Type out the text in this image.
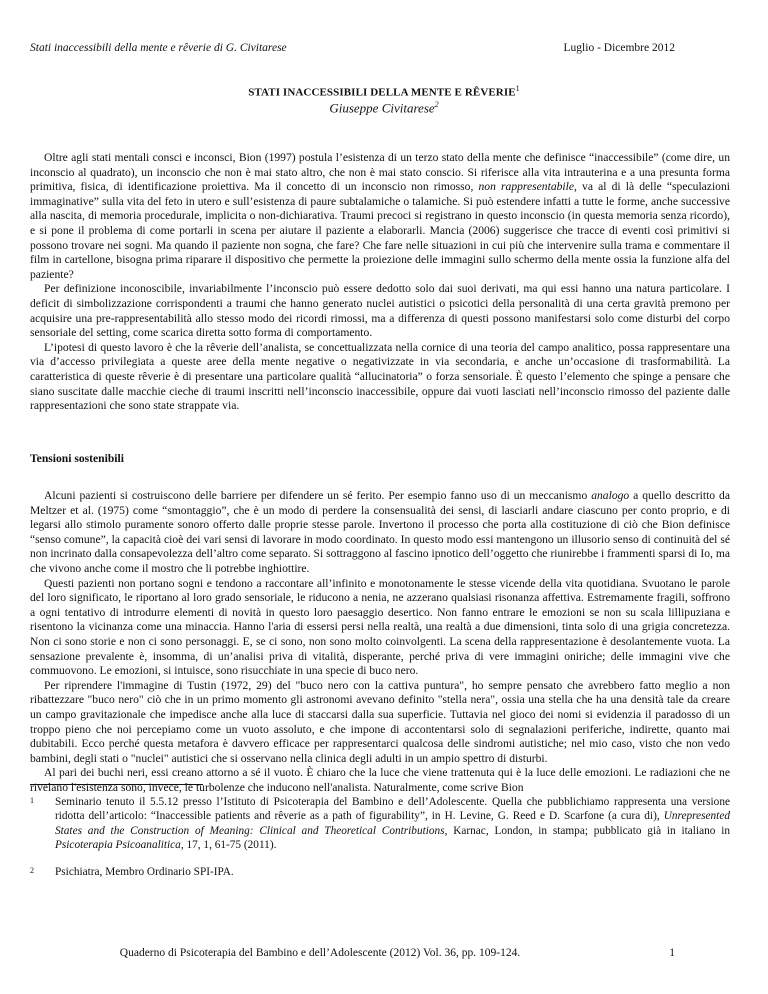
Stati inaccessibili della mente e rêverie di G. Civitarese	Luglio - Dicembre 2012
STATI INACCESSIBILI DELLA MENTE E RÊVERIE$^1$
Giuseppe Civitarese$^2$

Oltre agli stati mentali consci e inconsci, Bion (1997) postula l’esistenza di un terzo stato della mente che definisce “inaccessibile” (come dire, un inconscio al quadrato), un inconscio che non è mai stato altro, che non è mai stato conscio. Si riferisce alla vita intrauterina e a una presunta forma primitiva, fisica, di identificazione proiettiva. Ma il concetto di un inconscio non rimosso, non rappresentabile, va al di là delle “speculazioni immaginative” sulla vita del feto in utero e sull’esistenza di paure subtalamiche o talamiche. Si può estendere infatti a tutte le forme, anche successive alla nascita, di memoria procedurale, implicita o non-dichiarativa. Traumi precoci si registrano in questo inconscio (in questa memoria senza ricordo), e si pone il problema di come portarli in scena per aiutare il paziente a elaborarli. Mancia (2006) suggerisce che tracce di eventi così primitivi si possono trovare nei sogni. Ma quando il paziente non sogna, che fare? Che fare nelle situazioni in cui più che intervenire sulla trama e commentare il film in cartellone, bisogna prima riparare il dispositivo che permette la proiezione delle immagini sullo schermo della mente ossia la funzione alfa del paziente?

Per definizione inconoscibile, invariabilmente l’inconscio può essere dedotto solo dai suoi derivati, ma qui essi hanno una natura particolare. I deficit di simbolizzazione corrispondenti a traumi che hanno generato nuclei autistici o psicotici della personalità di una certa gravità premono per acquisire una pre-rappresentabilità allo stesso modo dei ricordi rimossi, ma a differenza di questi possono manifestarsi solo come disturbi del corpo sensoriale del setting, come scarica diretta sotto forma di comportamento.

L’ipotesi di questo lavoro è che la rêverie dell’analista, se concettualizzata nella cornice di una teoria del campo analitico, possa rappresentare una via d’accesso privilegiata a queste aree della mente negative o negativizzate in via secondaria, e anche un’occasione di trasformabilità. La caratteristica di queste rêverie è di presentare una particolare qualità “allucinatoria” o forza sensoriale. È questo l’elemento che spinge a pensare che siano suscitate dalle macchie cieche di traumi inscritti nell’inconscio inaccessibile, oppure dai vuoti lasciati nell’inconscio rimosso del paziente dalle rappresentazioni che sono state strappate via.

Tensioni sostenibili

Alcuni pazienti si costruiscono delle barriere per difendere un sé ferito. Per esempio fanno uso di un meccanismo analogo a quello descritto da Meltzer et al. (1975) come “smontaggio”, che è un modo di perdere la consensualità dei sensi, di lasciarli andare ciascuno per conto proprio, e di legarsi allo stimolo puramente sonoro offerto dalle proprie stesse parole. Invertono il processo che porta alla costituzione di ciò che Bion definisce “senso comune”, la capacità cioè dei vari sensi di lavorare in modo coordinato. In questo modo essi mantengono un illusorio senso di continuità del sé non incrinato dalla consapevolezza dell’altro come separato. Si sottraggono al fascino ipnotico dell’oggetto che riunirebbe i frammenti sparsi di Io, ma che vivono anche come il mostro che li potrebbe inghiottire.

Questi pazienti non portano sogni e tendono a raccontare all’infinito e monotonamente le stesse vicende della vita quotidiana. Svuotano le parole del loro significato, le riportano al loro grado sensoriale, le riducono a nenia, ne azzerano qualsiasi risonanza affettiva. Estremamente fragili, soffrono a ogni tentativo di introdurre elementi di novità in questo loro paesaggio desertico. Non fanno entrare le emozioni se non su scala lillipuziana e risentono la vicinanza come una minaccia. Hanno l'aria di essersi persi nella realtà, una realtà a due dimensioni, tinta solo di una grigia concretezza. Non ci sono storie e non ci sono personaggi. E, se ci sono, non sono molto coinvolgenti. La scena della rappresentazione è desolantemente vuota. La sensazione prevalente è, insomma, di un’analisi priva di vitalità, disperante, perché priva di vere immagini oniriche; delle immagini vive che commuovono. Le emozioni, si intuisce, sono risucchiate in una specie di buco nero.

Per riprendere l'immagine di Tustin (1972, 29) del "buco nero con la cattiva puntura", ho sempre pensato che avrebbero fatto meglio a non ribattezzare "buco nero" ciò che in un primo momento gli astronomi avevano definito "stella nera", ossia una stella che ha una densità tale da creare un campo gravitazionale che impedisce anche alla luce di staccarsi dalla sua superficie. Tuttavia nel gioco dei nomi si evidenzia il paradosso di un troppo pieno che noi percepiamo come un vuoto assoluto, e che impone di accontentarsi solo di segnalazioni periferiche, indirette, quanto mai dubitabili. Ecco perché questa metafora è davvero efficace per rappresentarci qualcosa delle sindromi autistiche; nel mio caso, visto che non vedo bambini, degli stati o "nuclei" autistici che si osservano nella clinica degli adulti in un ampio spettro di disturbi.

Al pari dei buchi neri, essi creano attorno a sé il vuoto. È chiaro che la luce che viene trattenuta qui è la luce delle emozioni. Le radiazioni che ne rivelano l'esistenza sono, invece, le turbolenze che inducono nell'analista. Naturalmente, come scrive Bion

1 Seminario tenuto il 5.5.12 presso l’Istituto di Psicoterapia del Bambino e dell’Adolescente. Quella che pubblichiamo rappresenta una versione ridotta dell’articolo: “Inaccessible patients and rêverie as a path of figurability”, in H. Levine, G. Reed e D. Scarfone (a cura di), Unrepresented States and the Construction of Meaning: Clinical and Theoretical Contributions, Karnac, London, in stampa; pubblicato già in italiano in Psicoterapia Psicoanalitica, 17, 1, 61-75 (2011).
2 Psichiatra, Membro Ordinario SPI-IPA.
Quaderno di Psicoterapia del Bambino e dell’Adolescente (2012) Vol. 36, pp. 109-124.	1
